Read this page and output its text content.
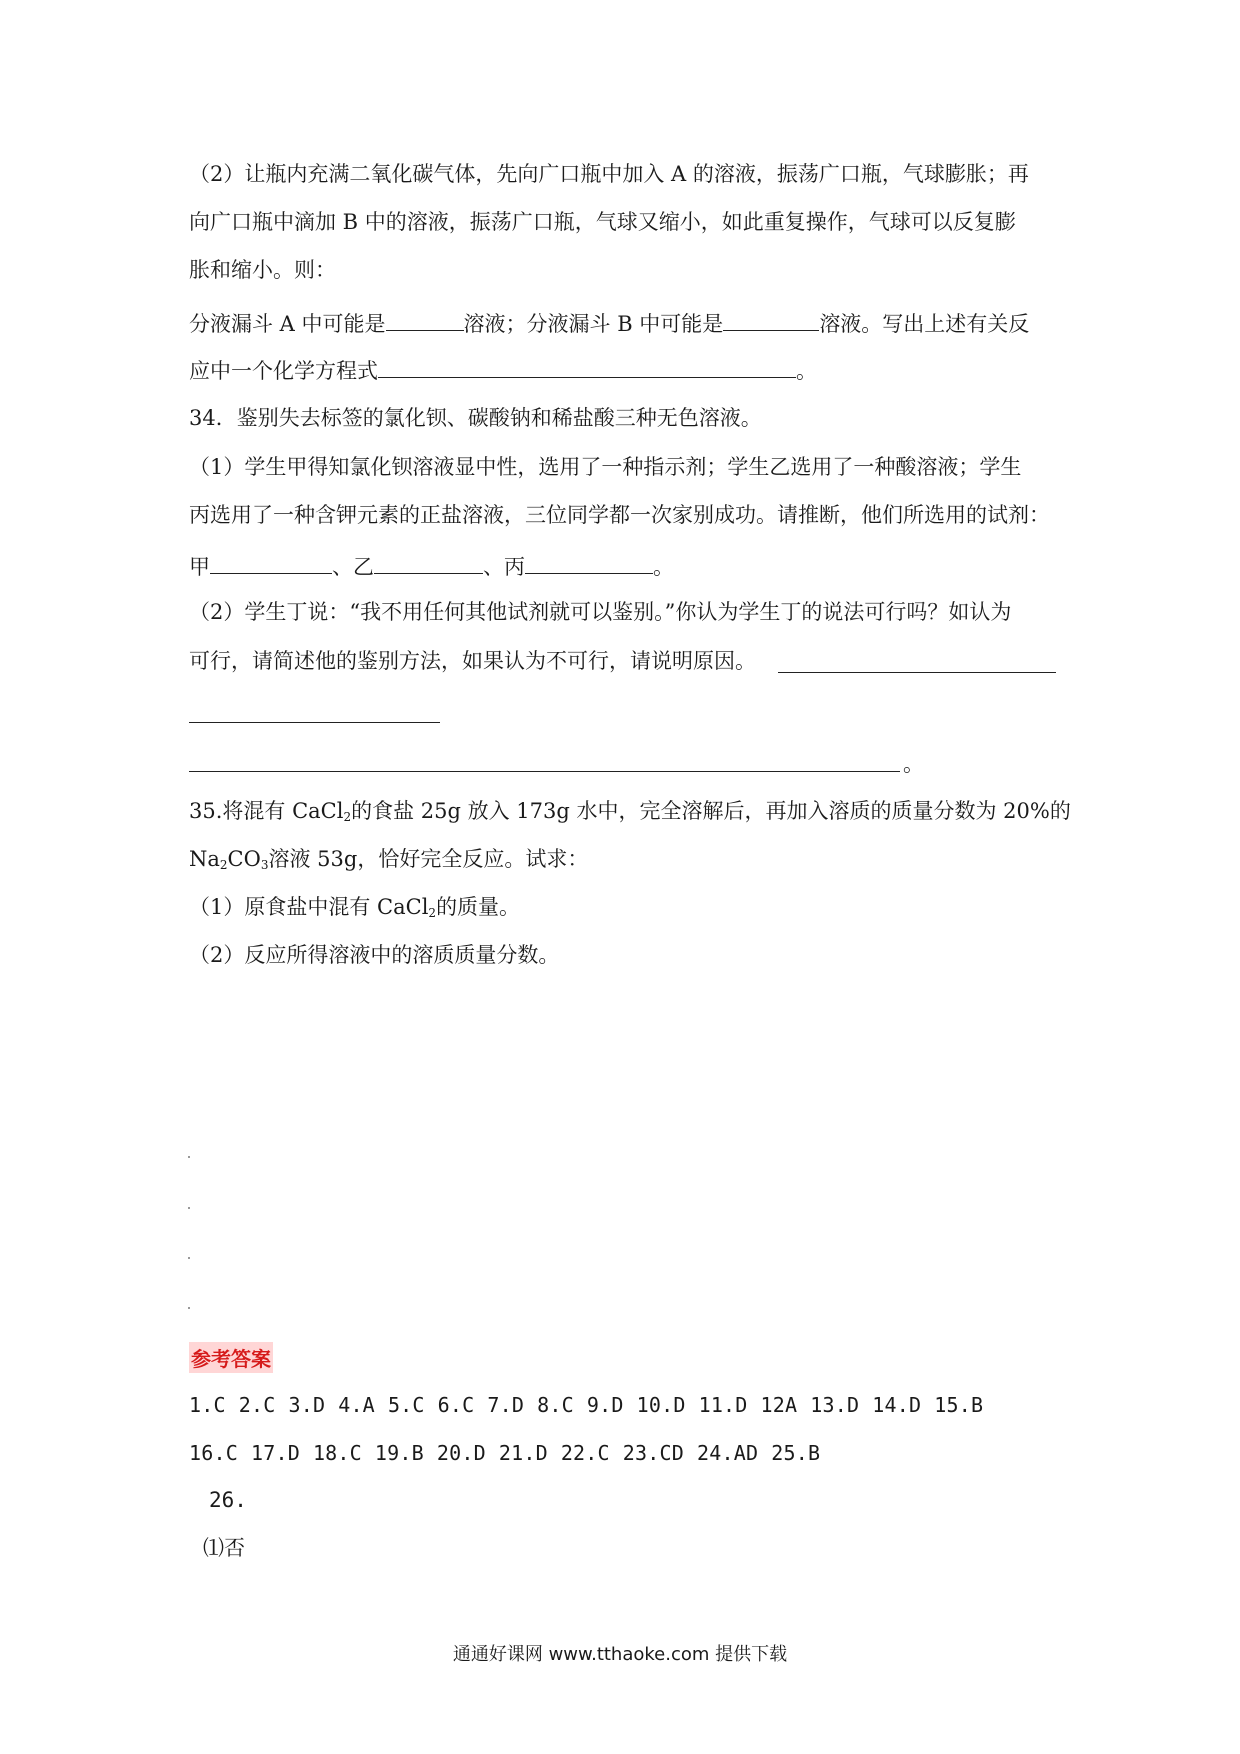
（2）让瓶内充满二氧化碳气体，先向广口瓶中加入 A 的溶液，振荡广口瓶，气球膨胀；再
向广口瓶中滴加 B 中的溶液，振荡广口瓶，气球又缩小，如此重复操作，气球可以反复膨
胀和缩小。则：
分液漏斗 A 中可能是	溶液；分液漏斗 B 中可能是	溶液。写出上述有关反
应中一个化学方程式	。
34．鉴别失去标签的氯化钡、碳酸钠和稀盐酸三种无色溶液。
（1）学生甲得知氯化钡溶液显中性，选用了一种指示剂；学生乙选用了一种酸溶液；学生
丙选用了一种含钾元素的正盐溶液，三位同学都一次家别成功。请推断，他们所选用的试剂：
甲	、乙	、丙	。
（2）学生丁说：“我不用任何其他试剂就可以鉴别。”你认为学生丁的说法可行吗？如认为
可行，请简述他的鉴别方法，如果认为不可行，请说明原因。
。
35.将混有 CaCl$_2$的食盐 25g 放入 173g 水中，完全溶解后，再加入溶质的质量分数为 20%的
$Na_2CO_3$溶液 53g，恰好完全反应。试求：
（1）原食盐中混有 CaCl$_2$的质量。
（2）反应所得溶液中的溶质质量分数。
参考答案
1.C 2.C 3.D 4.A 5.C 6.C 7.D 8.C 9.D 10.D 11.D 12A 13.D 14.D 15.B
16.C 17.D 18.C 19.B 20.D 21.D 22.C 23.CD 24.AD 25.B
26.
⑴否
通通好课网 www.tthaoke.com 提供下载
